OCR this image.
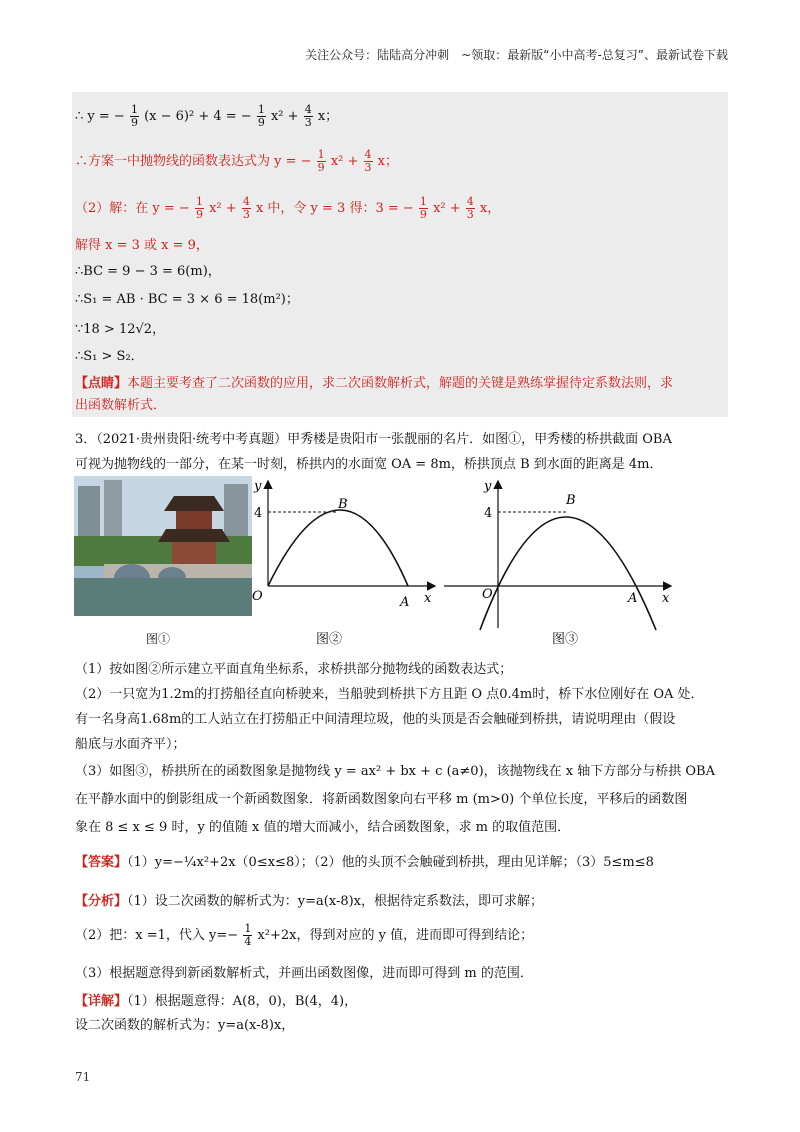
关注公众号：陆陆高分冲刺　~领取：最新版“小中高考-总复习”、最新试卷下载
∴ y = − $\frac{1}{9} (x - 6)^2 + 4$ = − $\frac{1}{9} x^2 + \frac{4}{3}$ x；
∴方案一中抛物线的函数表达式为 y = − $\frac{1}{9} x^2 + \frac{4}{3}$ x；
（2）解：在 y = − $\frac{1}{9} x^2 + \frac{4}{3}$ x 中，令 y = 3 得：3 = − $\frac{1}{9} x^2 + \frac{4}{3}$ x，
解得 x = 3 或 x = 9，
∴BC = 9 − 3 = 6(m)，
∴S₁ = AB · BC = 3 × 6 = 18(m²)；
∵18 > 12√2，
∴S₁ > S₂．
【点睛】本题主要考查了二次函数的应用，求二次函数解析式，解题的关键是熟练掌握待定系数法则，求
出函数解析式．
3．（2021·贵州贵阳·统考中考真题）甲秀楼是贵阳市一张靓丽的名片．如图①，甲秀楼的桥拱截面 OBA
可视为抛物线的一部分，在某一时刻，桥拱内的水面宽 OA = 8m，桥拱顶点 B 到水面的距离是 4m．
图①
y
x
O	A
B
4
图②
y
x
O	A
B
4
图③
（1）按如图②所示建立平面直角坐标系，求桥拱部分抛物线的函数表达式；
（2）一只宽为1.2m的打捞船径直向桥驶来，当船驶到桥拱下方且距 O 点0.4m时，桥下水位刚好在 OA 处．
有一名身高1.68m的工人站立在打捞船正中间清理垃圾，他的头顶是否会触碰到桥拱，请说明理由（假设
船底与水面齐平）；
（3）如图③，桥拱所在的函数图象是抛物线 y = ax² + bx + c (a≠0)，该抛物线在 x 轴下方部分与桥拱 OBA
在平静水面中的倒影组成一个新函数图象．将新函数图象向右平移 m (m>0) 个单位长度，平移后的函数图
象在 8 ≤ x ≤ 9 时，y 的值随 x 值的增大而减小，结合函数图象，求 m 的取值范围．
【答案】（1）y=−¼x²+2x（0≤x≤8）；（2）他的头顶不会触碰到桥拱，理由见详解；（3）5≤m≤8
【分析】（1）设二次函数的解析式为：y=a(x-8)x，根据待定系数法，即可求解；
（2）把：x =1，代入 $y=- \frac{1}{4} x^2+2x$，得到对应的 y 值，进而即可得到结论；
（3）根据题意得到新函数解析式，并画出函数图像，进而即可得到 m 的范围．
【详解】（1）根据题意得：A(8，0)，B(4，4)，
设二次函数的解析式为：y=a(x-8)x，
71
